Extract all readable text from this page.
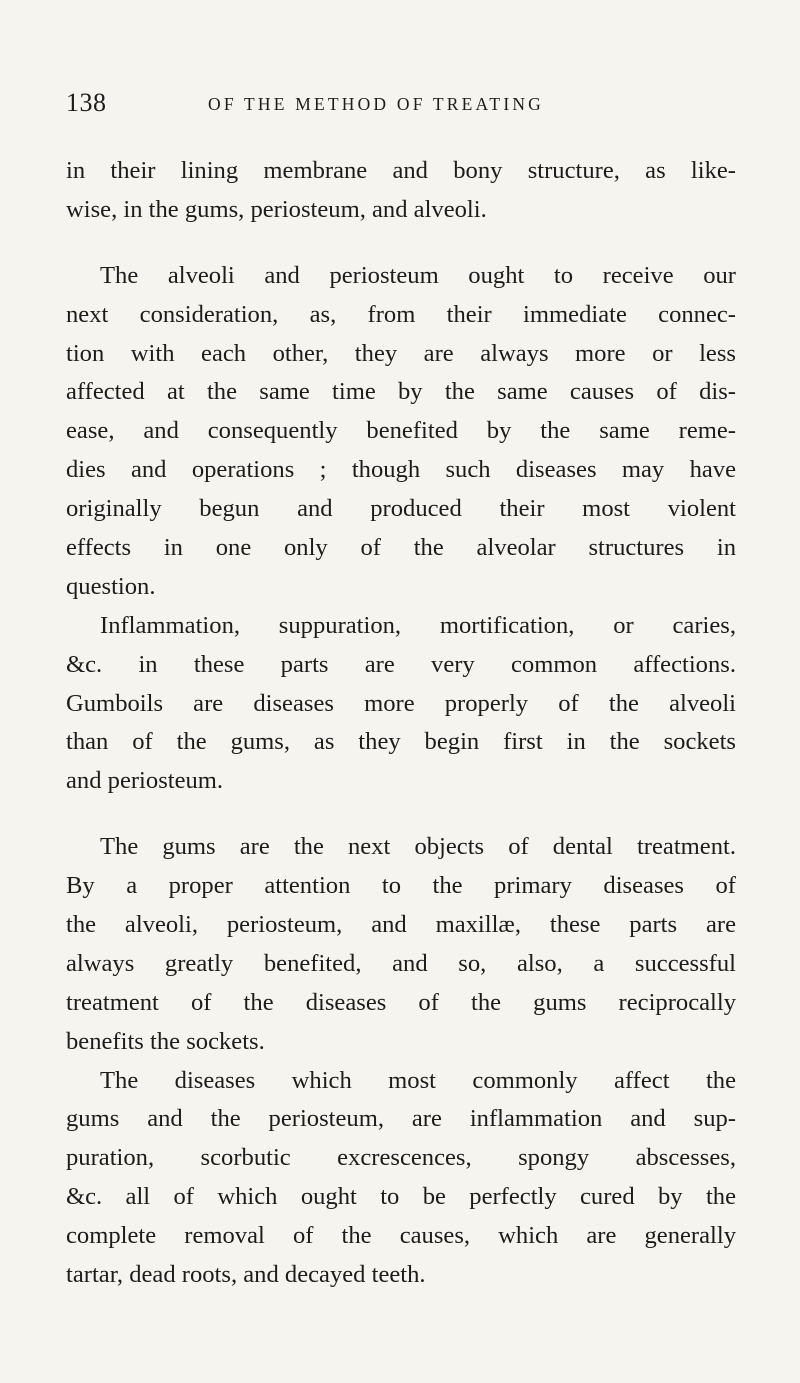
138	OF THE METHOD OF TREATING
in their lining membrane and bony structure, as like-
wise, in the gums, periosteum, and alveoli.
The alveoli and periosteum ought to receive our
next consideration, as, from their immediate connec-
tion with each other, they are always more or less
affected at the same time by the same causes of dis-
ease, and consequently benefited by the same reme-
dies and operations ; though such diseases may have
originally begun and produced their most violent
effects in one only of the alveolar structures in
question.
Inflammation, suppuration, mortification, or caries,
&c. in these parts are very common affections.
Gumboils are diseases more properly of the alveoli
than of the gums, as they begin first in the sockets
and periosteum.
The gums are the next objects of dental treatment.
By a proper attention to the primary diseases of
the alveoli, periosteum, and maxillæ, these parts are
always greatly benefited, and so, also, a successful
treatment of the diseases of the gums reciprocally
benefits the sockets.
The diseases which most commonly affect the
gums and the periosteum, are inflammation and sup-
puration, scorbutic excrescences, spongy abscesses,
&c. all of which ought to be perfectly cured by the
complete removal of the causes, which are generally
tartar, dead roots, and decayed teeth.
